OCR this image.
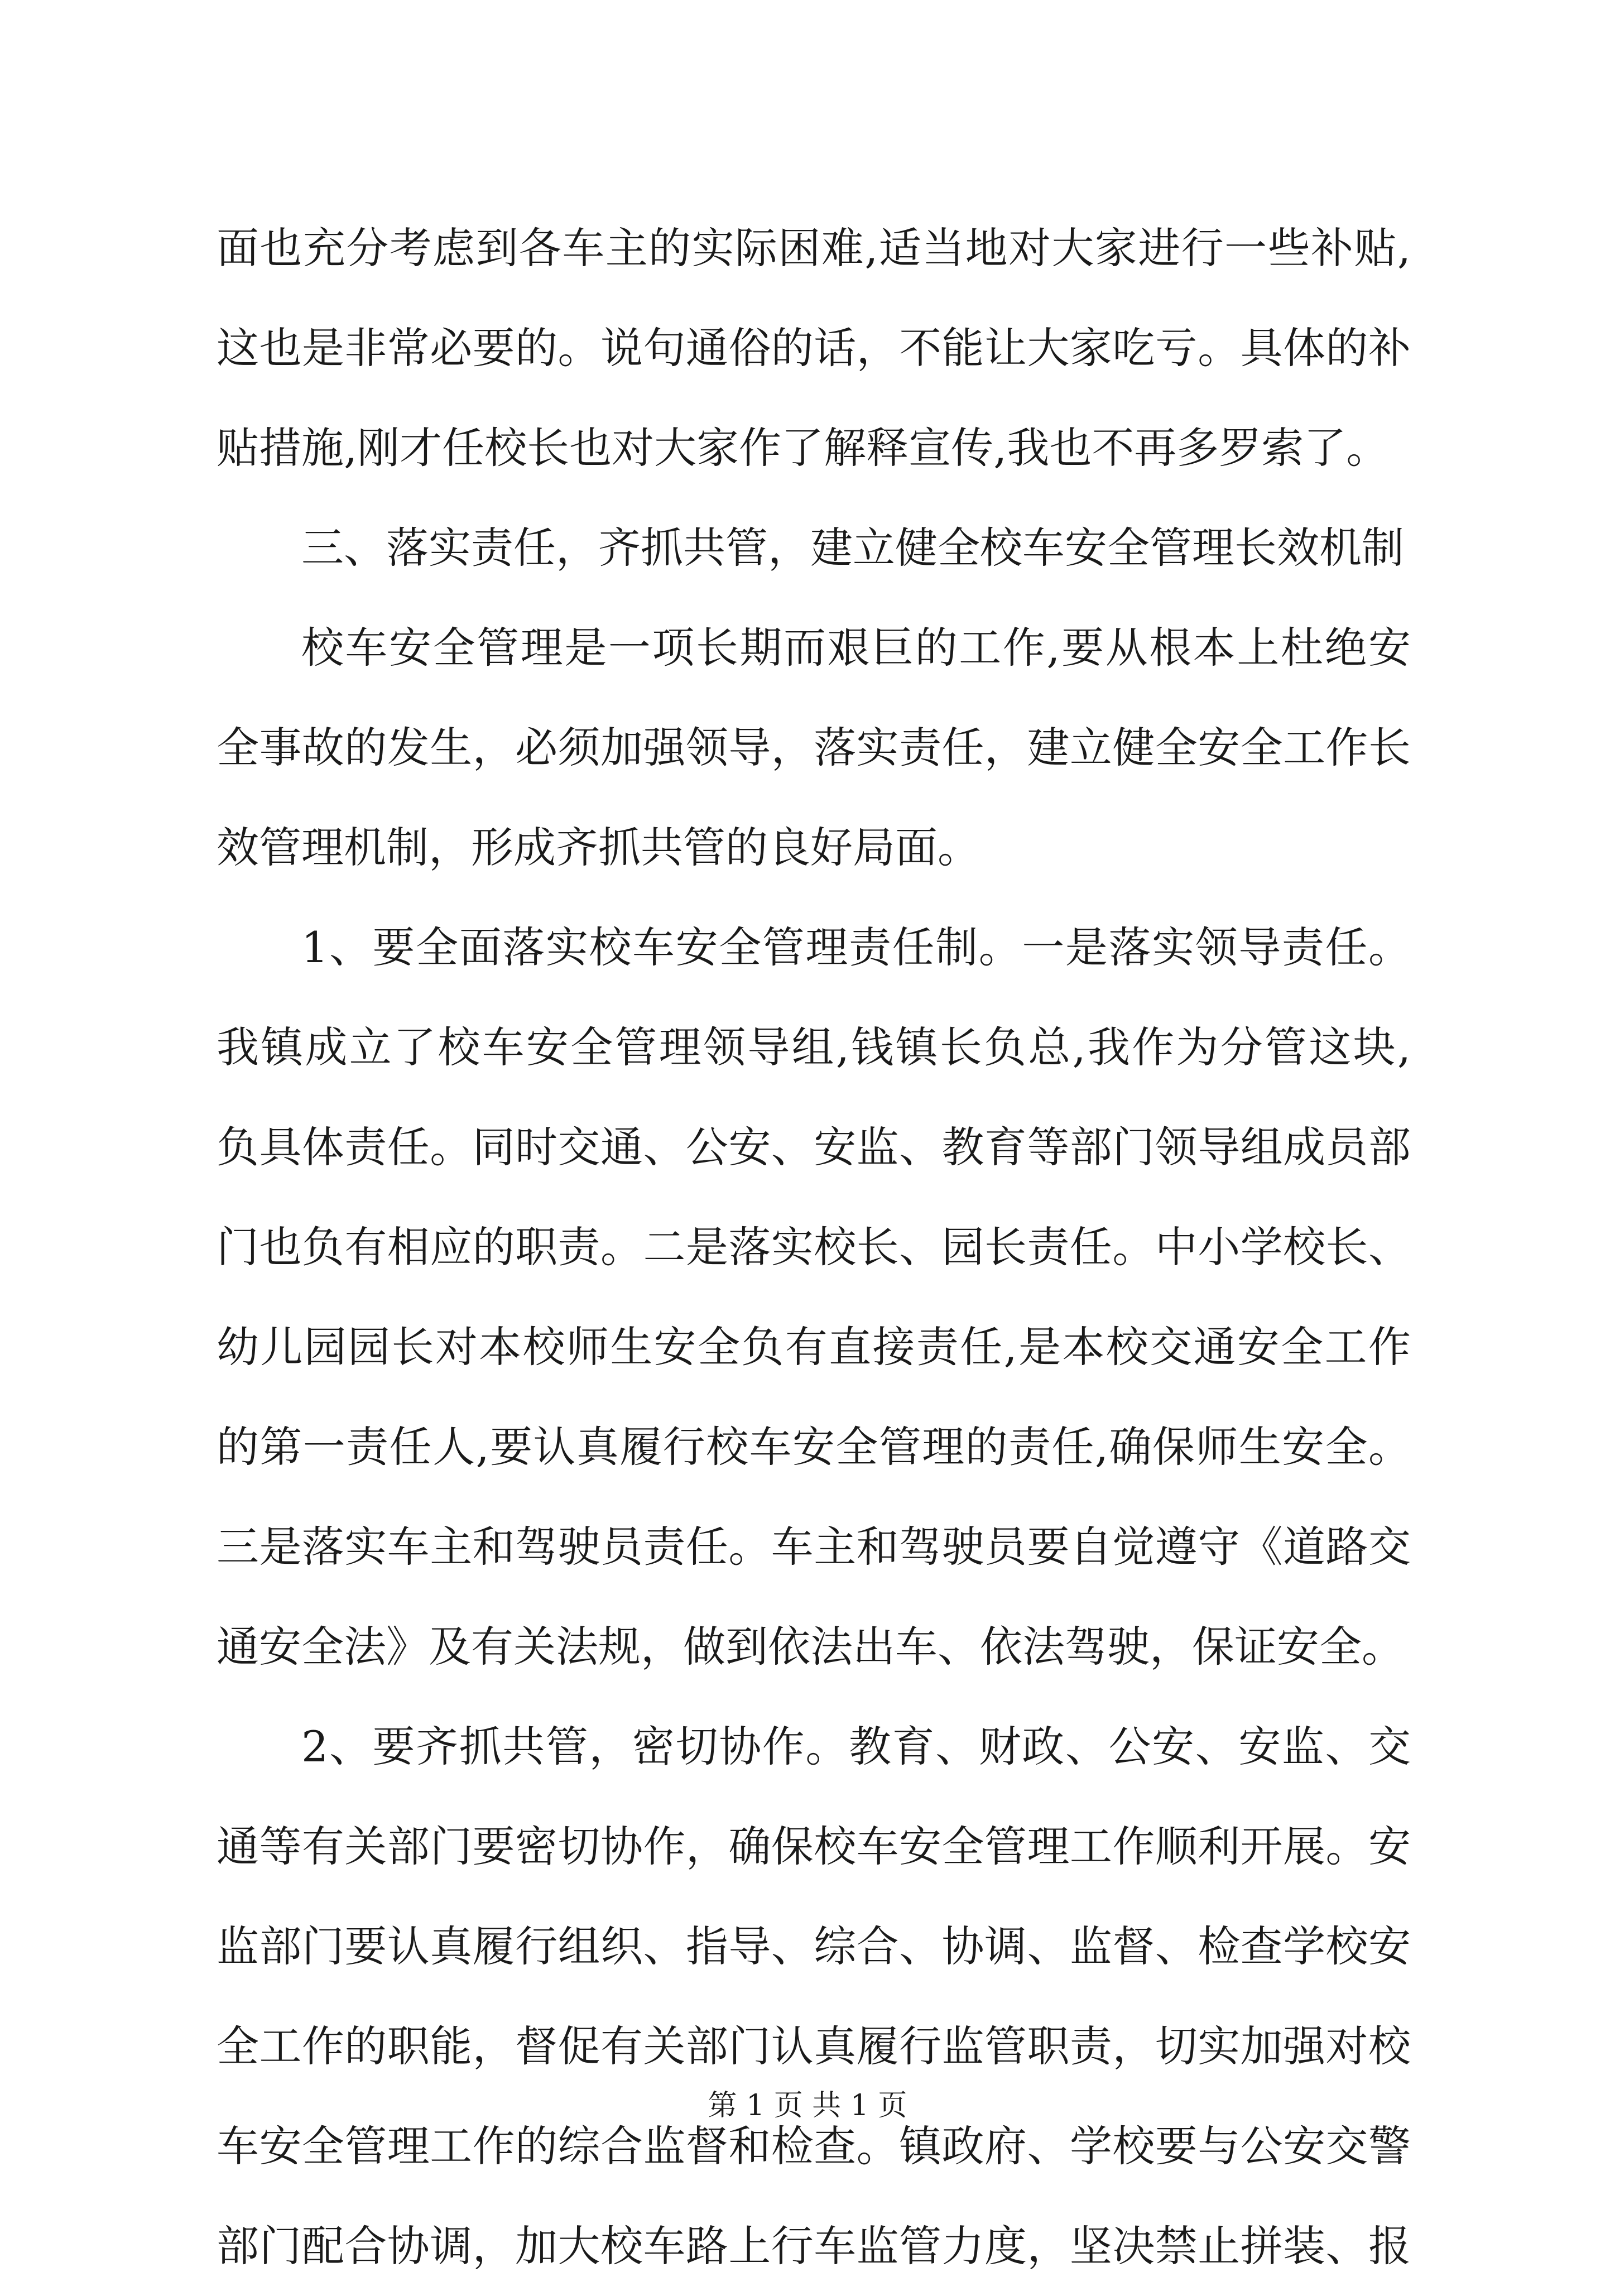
面也充分考虑到各车主的实际困难,适当地对大家进行一些补贴,
这也是非常必要的。说句通俗的话，不能让大家吃亏。具体的补
贴措施,刚才任校长也对大家作了解释宣传,我也不再多罗索了。
三、落实责任，齐抓共管，建立健全校车安全管理长效机制
校车安全管理是一项长期而艰巨的工作,要从根本上杜绝安
全事故的发生，必须加强领导，落实责任，建立健全安全工作长
效管理机制，形成齐抓共管的良好局面。
1、要全面落实校车安全管理责任制。一是落实领导责任。
我镇成立了校车安全管理领导组,钱镇长负总,我作为分管这块,
负具体责任。同时交通、公安、安监、教育等部门领导组成员部
门也负有相应的职责。二是落实校长、园长责任。中小学校长、
幼儿园园长对本校师生安全负有直接责任,是本校交通安全工作
的第一责任人,要认真履行校车安全管理的责任,确保师生安全。
三是落实车主和驾驶员责任。车主和驾驶员要自觉遵守《道路交
通安全法》及有关法规，做到依法出车、依法驾驶，保证安全。
2、要齐抓共管，密切协作。教育、财政、公安、安监、交
通等有关部门要密切协作，确保校车安全管理工作顺利开展。安
监部门要认真履行组织、指导、综合、协调、监督、检查学校安
全工作的职能，督促有关部门认真履行监管职责，切实加强对校
车安全管理工作的综合监督和检查。镇政府、学校要与公安交警
部门配合协调，加大校车路上行车监管力度，坚决禁止拼装、报
第 1 页 共 1 页
